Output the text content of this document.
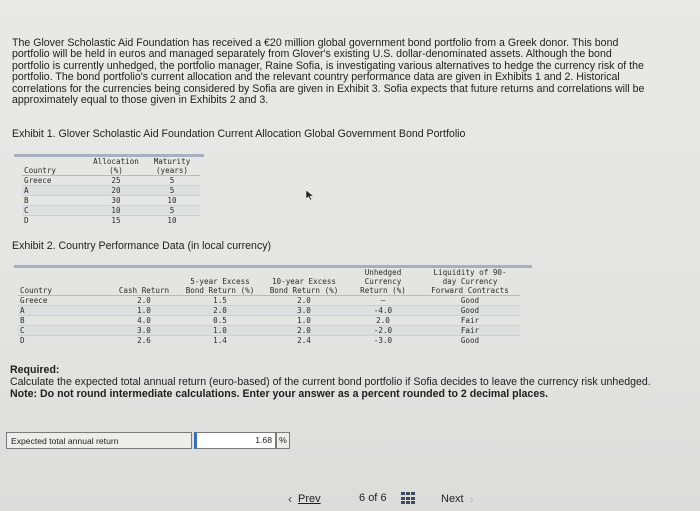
The Glover Scholastic Aid Foundation has received a €20 million global government bond portfolio from a Greek donor. This bond portfolio will be held in euros and managed separately from Glover's existing U.S. dollar-denominated assets. Although the bond portfolio is currently unhedged, the portfolio manager, Raine Sofia, is investigating various alternatives to hedge the currency risk of the portfolio. The bond portfolio's current allocation and the relevant country performance data are given in Exhibits 1 and 2. Historical correlations for the currencies being considered by Sofia are given in Exhibit 3. Sofia expects that future returns and correlations will be approximately equal to those given in Exhibits 2 and 3.
Exhibit 1. Glover Scholastic Aid Foundation Current Allocation Global Government Bond Portfolio
	Allocation	Maturity
Country	(%)	(years)
Greece	25	5
A	20	5
B	30	10
C	10	5
D	15	10
Exhibit 2. Country Performance Data (in local currency)
				Unhedged	Liquidity of 90-
		5-year Excess	10-year Excess	Currency	day Currency
Country	Cash Return	Bond Return (%)	Bond Return (%)	Return (%)	Forward Contracts
Greece	2.0	1.5	2.0	–	Good
A	1.0	2.0	3.0	-4.0	Good
B	4.0	0.5	1.0	2.0	Fair
C	3.0	1.0	2.0	-2.0	Fair
D	2.6	1.4	2.4	-3.0	Good
Required:
Calculate the expected total annual return (euro-based) of the current bond portfolio if Sofia decides to leave the currency risk unhedged.
Note: Do not round intermediate calculations. Enter your answer as a percent rounded to 2 decimal places.
Expected total annual return	1.68 %
‹ Prev	6 of 6	Next ›
